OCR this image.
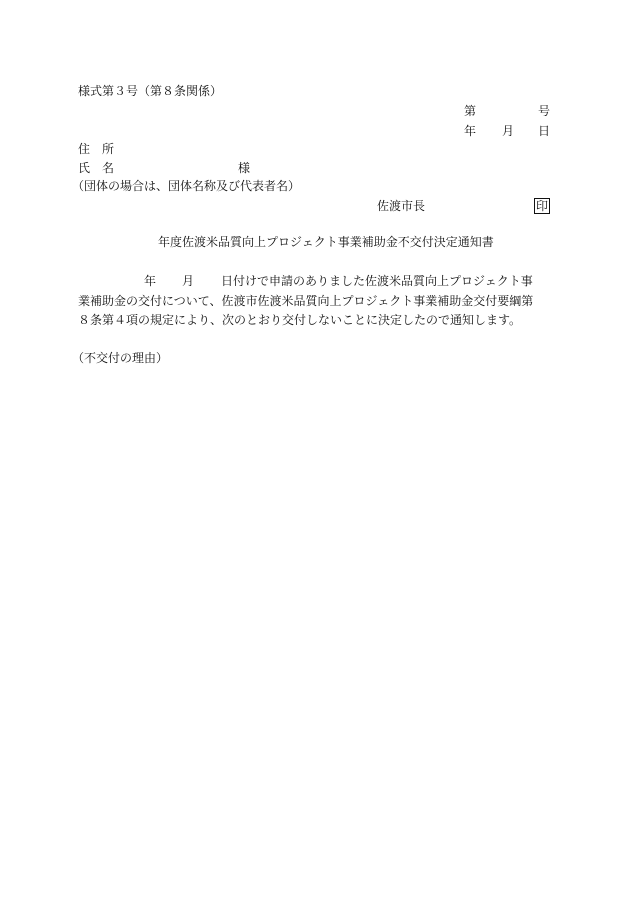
様式第３号（第８条関係）
第	号
年 月 日
住　所
氏　名	様
（団体の場合は、団体名称及び代表者名）
佐渡市長	印
年度佐渡米品質向上プロジェクト事業補助金不交付決定通知書
年 月 日付けで申請のありました佐渡米品質向上プロジェクト事
業補助金の交付について、佐渡市佐渡米品質向上プロジェクト事業補助金交付要綱第
８条第４項の規定により、次のとおり交付しないことに決定したので通知します。
（不交付の理由）
